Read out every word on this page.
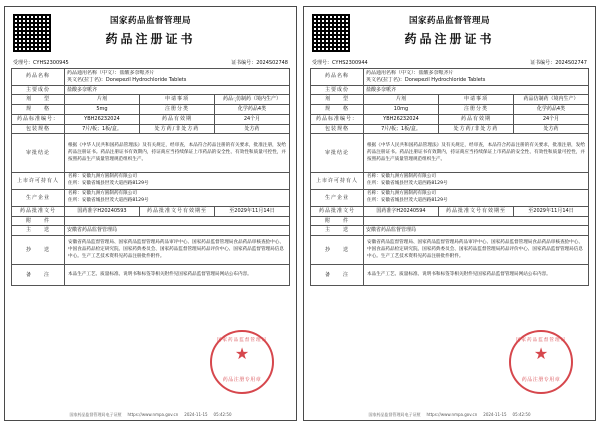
国家药品监督管理局
药品注册证书
受理号：CYHS2300945	证书编号：2024S02748
药品名称	药品通用名称（中文）：盐酸多奈哌齐片
英文名(拉丁名)：Donepezil Hydrochloride Tablets		

主要成份	盐酸多奈哌齐		
剂　　型	片剂	申请事项	药品ុ仿制药（境内生产）
规　　格	5mg	注册分类	化学药品4类
药品标准编号：	YBH26232024	药品有效期	24个月
包装规格	7片/板；1板/盒。	处方药/非处方药	处方药
审批结论	根据《中华人民共和国药品管理法》及有关规定，经审查，本品符合药品注册的有关要求，批准注册，发给药品注册证书。药品注册证书有效期内，持证商应当持续保证上市药品的安全性、有效性和质量可控性，并按照药品生产质量管理规范组织生产。		
上市许可持有人	名称：安徽九洲方圆制药有限公司
住所：安徽省城县世茂大道西路8129号		

生产企业	名称：安徽九洲方圆制药有限公司
住所：安徽省城县世茂大道西路8129号		

药品批准文号	国药准字H20240593	药品批准文号有效期至	至2029年11月14日
附　　件			
主　　送	安徽省药品监督管理局		
抄　　送	安徽省药品监督管理局、国家药品监督管理局药品审评中心、国家药品监督管理局食品药品审核查验中心、中国食品药品检定研究院、国家药典委员会、国家药品监督管理局药品评价中心、国家药品监督管理局信息中心。生产工艺技术资料见药品注册批件附件。		
备　　注	本品生产工艺、质量标准、说明书和标签等相关附件见国家药品监督管理局网站公布内容。		
国家药品监督管理局
★
药品注册专用章
国家药品监督管理局电子证照 https://www.nmpa.gov.cn 2024-11-15 05:42:50
国家药品监督管理局
药品注册证书
受理号：CYHS2300944	证书编号：2024S02747
药品名称	药品通用名称（中文）：盐酸多奈哌齐片
英文名(拉丁名)：Donepezil Hydrochloride Tablets		

主要成份	盐酸多奈哌齐		
剂　　型	片剂	申请事项	药品仿制药（境内生产）
规　　格	10mg	注册分类	化学药品4类
药品标准编号：	YBH26232024	药品有效期	24个月
包装规格	7片/板；1板/盒。	处方药/非处方药	处方药
审批结论	根据《中华人民共和国药品管理法》及有关规定，经审查，本品符合药品注册的有关要求，批准注册，发给药品注册证书。药品注册证书有效期内，持证商应当持续保证上市药品的安全性、有效性和质量可控性，并按照药品生产质量管理规范组织生产。		
上市许可持有人	名称：安徽九洲方圆制药有限公司
住所：安徽省城县世茂大道西路8129号		

生产企业	名称：安徽九洲方圆制药有限公司
住所：安徽省城县世茂大道西路8129号		

药品批准文号	国药准字H20240594	药品批准文号有效期至	至2029年11月14日
附　　件			
主　　送	安徽省药品监督管理局		
抄　　送	安徽省药品监督管理局、国家药品监督管理局药品审评中心、国家药品监督管理局食品药品审核查验中心、中国食品药品检定研究院、国家药典委员会、国家药品监督管理局药品评价中心、国家药品监督管理局信息中心。生产工艺技术资料见药品注册批件附件。		
备　　注	本品生产工艺、质量标准、说明书和标签等相关附件见国家药品监督管理局网站公布内容。		
国家药品监督管理局
★
药品注册专用章
国家药品监督管理局电子证照 https://www.nmpa.gov.cn 2024-11-15 05:42:50
